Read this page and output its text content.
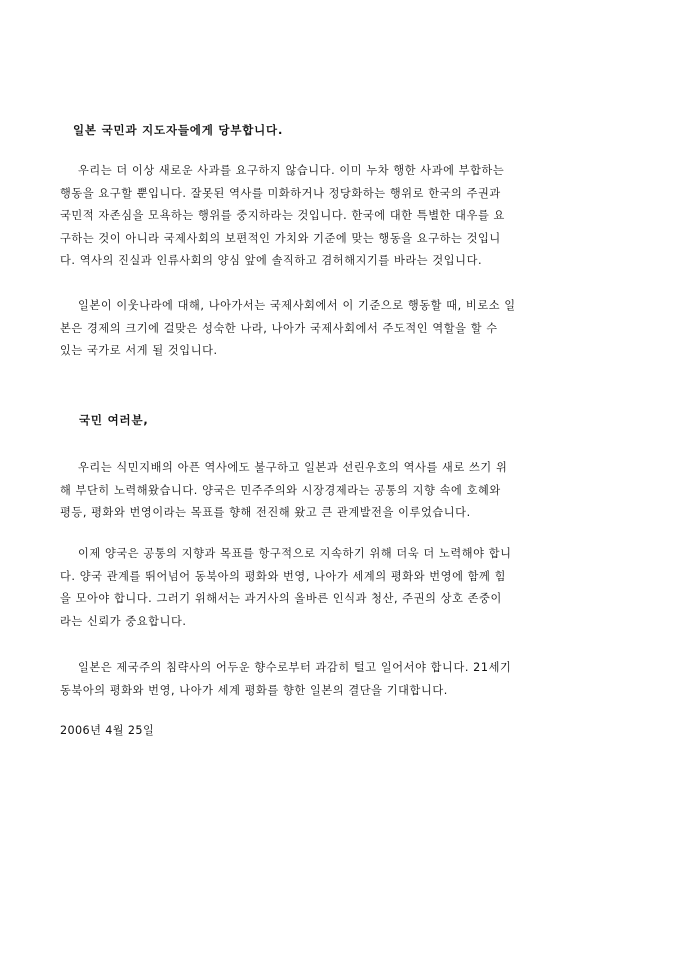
일본 국민과 지도자들에게 당부합니다.
우리는 더 이상 새로운 사과를 요구하지 않습니다. 이미 누차 행한 사과에 부합하는
행동을 요구할 뿐입니다. 잘못된 역사를 미화하거나 정당화하는 행위로 한국의 주권과
국민적 자존심을 모욕하는 행위를 중지하라는 것입니다. 한국에 대한 특별한 대우를 요
구하는 것이 아니라 국제사회의 보편적인 가치와 기준에 맞는 행동을 요구하는 것입니
다. 역사의 진실과 인류사회의 양심 앞에 솔직하고 겸허해지기를 바라는 것입니다.
일본이 이웃나라에 대해, 나아가서는 국제사회에서 이 기준으로 행동할 때, 비로소 일
본은 경제의 크기에 걸맞은 성숙한 나라, 나아가 국제사회에서 주도적인 역할을 할 수
있는 국가로 서게 될 것입니다.
국민 여러분,
우리는 식민지배의 아픈 역사에도 불구하고 일본과 선린우호의 역사를 새로 쓰기 위
해 부단히 노력해왔습니다. 양국은 민주주의와 시장경제라는 공통의 지향 속에 호혜와
평등, 평화와 번영이라는 목표를 향해 전진해 왔고 큰 관계발전을 이루었습니다.
이제 양국은 공통의 지향과 목표를 항구적으로 지속하기 위해 더욱 더 노력해야 합니
다. 양국 관계를 뛰어넘어 동북아의 평화와 번영, 나아가 세계의 평화와 번영에 함께 힘
을 모아야 합니다. 그러기 위해서는 과거사의 올바른 인식과 청산, 주권의 상호 존중이
라는 신뢰가 중요합니다.
일본은 제국주의 침략사의 어두운 향수로부터 과감히 털고 일어서야 합니다. 21세기
동북아의 평화와 번영, 나아가 세계 평화를 향한 일본의 결단을 기대합니다.
2006년 4월 25일
